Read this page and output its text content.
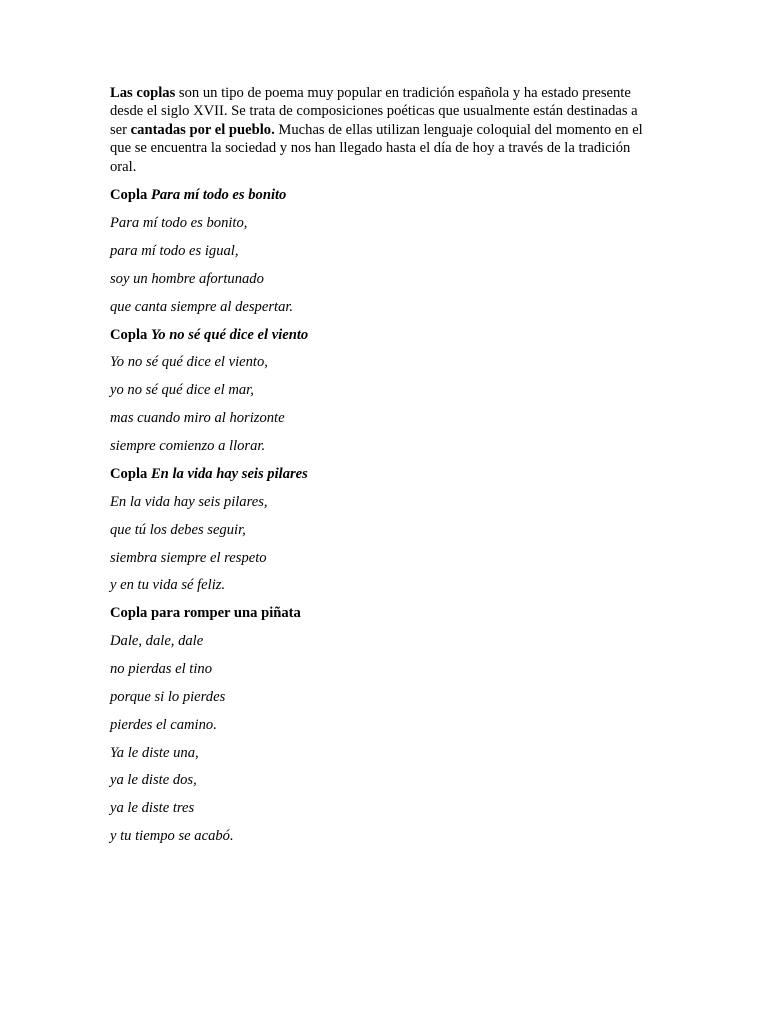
Las coplas son un tipo de poema muy popular en tradición española y ha estado presente desde el siglo XVII. Se trata de composiciones poéticas que usualmente están destinadas a ser cantadas por el pueblo. Muchas de ellas utilizan lenguaje coloquial del momento en el que se encuentra la sociedad y nos han llegado hasta el día de hoy a través de la tradición oral.

Copla Para mí todo es bonito
Para mí todo es bonito,
para mí todo es igual,
soy un hombre afortunado
que canta siempre al despertar.
Copla Yo no sé qué dice el viento
Yo no sé qué dice el viento,
yo no sé qué dice el mar,
mas cuando miro al horizonte
siempre comienzo a llorar.
Copla En la vida hay seis pilares
En la vida hay seis pilares,
que tú los debes seguir,
siembra siempre el respeto
y en tu vida sé feliz.
Copla para romper una piñata
Dale, dale, dale
no pierdas el tino
porque si lo pierdes
pierdes el camino.
Ya le diste una,
ya le diste dos,
ya le diste tres
y tu tiempo se acabó.
